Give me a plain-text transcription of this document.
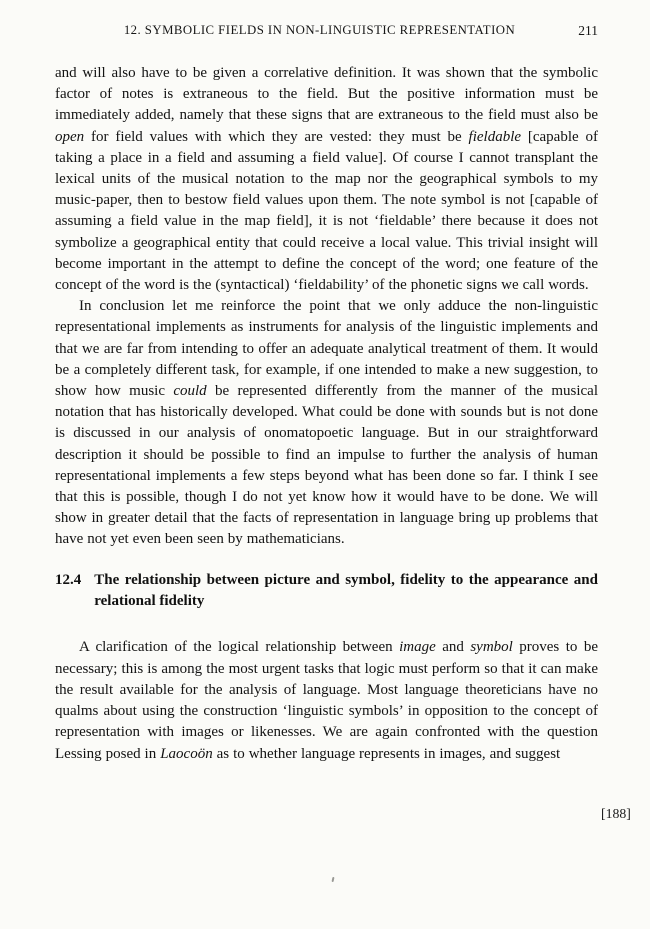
12. SYMBOLIC FIELDS IN NON-LINGUISTIC REPRESENTATION	211

and will also have to be given a correlative definition. It was shown that the symbolic factor of notes is extraneous to the field. But the positive information must be immediately added, namely that these signs that are extraneous to the field must also be open for field values with which they are vested: they must be fieldable [capable of taking a place in a field and assuming a field value]. Of course I cannot transplant the lexical units of the musical notation to the map nor the geographical symbols to my music-paper, then to bestow field values upon them. The note symbol is not [capable of assuming a field value in the map field], it is not ‘fieldable’ there because it does not symbolize a geographical entity that could receive a local value. This trivial insight will become important in the attempt to define the concept of the word; one feature of the concept of the word is the (syntactical) ‘fieldability’ of the phonetic signs we call words.

In conclusion let me reinforce the point that we only adduce the non-linguistic representational implements as instruments for analysis of the linguistic implements and that we are far from intending to offer an adequate analytical treatment of them. It would be a completely different task, for example, if one intended to make a new suggestion, to show how music could be represented differently from the manner of the musical notation that has historically developed. What could be done with sounds but is not done is discussed in our analysis of onomatopoetic language. But in our straightforward description it should be possible to find an impulse to further the analysis of human representational implements a few steps beyond what has been done so far. I think I see that this is possible, though I do not yet know how it would have to be done. We will show in greater detail that the facts of representation in language bring up problems that have not yet even been seen by mathematicians.

12.4 The relationship between picture and symbol, fidelity to the appearance and relational fidelity

A clarification of the logical relationship between image and symbol proves to be necessary; this is among the most urgent tasks that logic must perform so that it can make the result available for the analysis of language. Most language theoreticians have no qualms about using the construction ‘linguistic symbols’ in opposition to the concept of representation with images or likenesses. We are again confronted with the question Lessing posed in Laocoön as to whether language represents in images, and suggest

[188]
